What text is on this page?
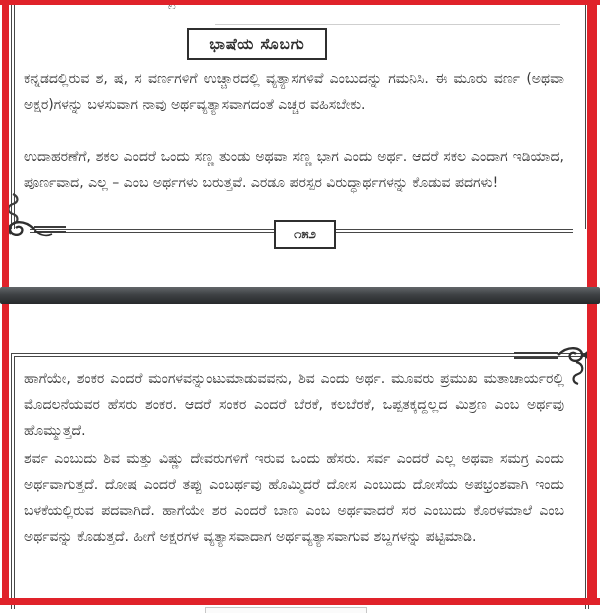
ಭಾಷೆಯ ಸೊಬಗು
ಕನ್ನಡದಲ್ಲಿರುವ ಶ, ಷ, ಸ ವರ್ಣಗಳಿಗೆ ಉಚ್ಚಾರದಲ್ಲಿ ವ್ಯತ್ಯಾಸಗಳಿವೆ ಎಂಬುದನ್ನು ಗಮನಿಸಿ. ಈ ಮೂರು ವರ್ಣ (ಅಥವಾ ಅಕ್ಷರ)ಗಳನ್ನು ಬಳಸುವಾಗ ನಾವು ಅರ್ಥವ್ಯತ್ಯಾಸವಾಗದಂತೆ ಎಚ್ಚರ ವಹಿಸಬೇಕು.
ಉದಾಹರಣೆಗೆ, ಶಕಲ ಎಂದರೆ ಒಂದು ಸಣ್ಣ ತುಂಡು ಅಥವಾ ಸಣ್ಣ ಭಾಗ ಎಂದು ಅರ್ಥ. ಆದರೆ ಸಕಲ ಎಂದಾಗ ಇಡಿಯಾದ, ಪೂರ್ಣವಾದ, ಎಲ್ಲ – ಎಂಬ ಅರ್ಥಗಳು ಬರುತ್ತವೆ. ಎರಡೂ ಪರಸ್ಪರ ವಿರುದ್ಧಾರ್ಥಗಳನ್ನು ಕೊಡುವ ಪದಗಳು!
೧೫೨
ಹಾಗೆಯೇ, ಶಂಕರ ಎಂದರೆ ಮಂಗಳವನ್ನುಂಟುಮಾಡುವವನು, ಶಿವ ಎಂದು ಅರ್ಥ. ಮೂವರು ಪ್ರಮುಖ ಮತಾಚಾರ್ಯರಲ್ಲಿ ಮೊದಲನೆಯವರ ಹೆಸರು ಶಂಕರ. ಆದರೆ ಸಂಕರ ಎಂದರೆ ಬೆರಕೆ, ಕಲಬೆರಕೆ, ಒಪ್ಪತಕ್ಕದ್ದಲ್ಲದ ಮಿಶ್ರಣ ಎಂಬ ಅರ್ಥವು ಹೊಮ್ಮುತ್ತದೆ.
ಶರ್ವ ಎಂಬುದು ಶಿವ ಮತ್ತು ವಿಷ್ಣು ದೇವರುಗಳಿಗೆ ಇರುವ ಒಂದು ಹೆಸರು. ಸರ್ವ ಎಂದರೆ ಎಲ್ಲ ಅಥವಾ ಸಮಗ್ರ ಎಂದು ಅರ್ಥವಾಗುತ್ತದೆ. ದೋಷ ಎಂದರೆ ತಪ್ಪು ಎಂಬರ್ಥವು ಹೊಮ್ಮಿದರೆ ದೋಸ ಎಂಬುದು ದೋಸೆಯ ಅಪಭ್ರಂಶವಾಗಿ ಇಂದು ಬಳಕೆಯಲ್ಲಿರುವ ಪದವಾಗಿದೆ. ಹಾಗೆಯೇ ಶರ ಎಂದರೆ ಬಾಣ ಎಂಬ ಅರ್ಥವಾದರೆ ಸರ ಎಂಬುದು ಕೊರಳಮಾಲೆ ಎಂಬ ಅರ್ಥವನ್ನು ಕೊಡುತ್ತದೆ. ಹೀಗೆ ಅಕ್ಷರಗಳ ವ್ಯತ್ಯಾಸವಾದಾಗ ಅರ್ಥವ್ಯತ್ಯಾಸವಾಗುವ ಶಬ್ದಗಳನ್ನು ಪಟ್ಟಿಮಾಡಿ.
